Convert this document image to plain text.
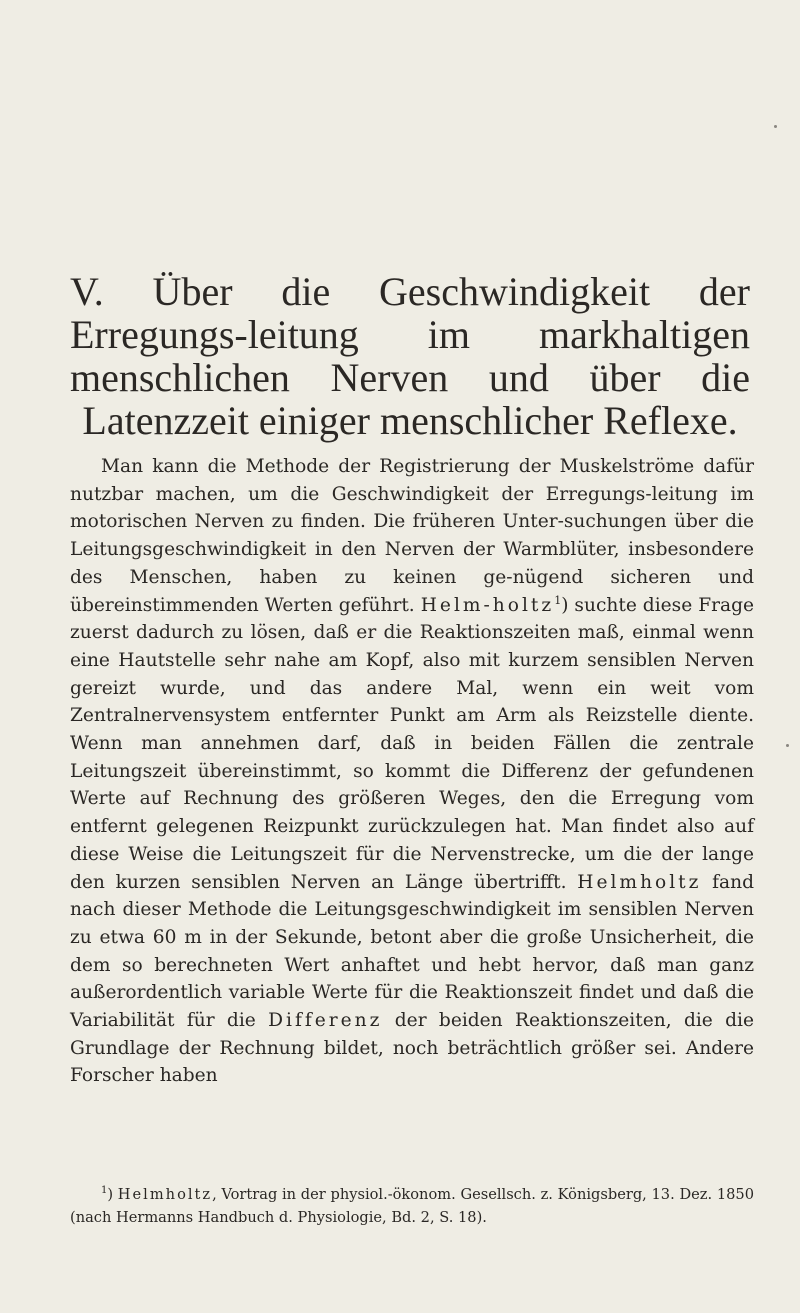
V. Über die Geschwindigkeit der Erregungs-leitung im markhaltigen menschlichen Nerven und über die Latenzzeit einiger menschlicher Reflexe.

Man kann die Methode der Registrierung der Muskelströme dafür nutzbar machen, um die Geschwindigkeit der Erregungs-leitung im motorischen Nerven zu finden. Die früheren Unter-suchungen über die Leitungsgeschwindigkeit in den Nerven der Warmblüter, insbesondere des Menschen, haben zu keinen ge-nügend sicheren und übereinstimmenden Werten geführt. Helm-holtz$^1$) suchte diese Frage zuerst dadurch zu lösen, daß er die Reaktionszeiten maß, einmal wenn eine Hautstelle sehr nahe am Kopf, also mit kurzem sensiblen Nerven gereizt wurde, und das andere Mal, wenn ein weit vom Zentralnervensystem entfernter Punkt am Arm als Reizstelle diente. Wenn man annehmen darf, daß in beiden Fällen die zentrale Leitungszeit übereinstimmt, so kommt die Differenz der gefundenen Werte auf Rechnung des größeren Weges, den die Erregung vom entfernt gelegenen Reizpunkt zurückzulegen hat. Man findet also auf diese Weise die Leitungszeit für die Nervenstrecke, um die der lange den kurzen sensiblen Nerven an Länge übertrifft. Helmholtz fand nach dieser Methode die Leitungsgeschwindigkeit im sensiblen Nerven zu etwa 60 m in der Sekunde, betont aber die große Unsicherheit, die dem so berechneten Wert anhaftet und hebt hervor, daß man ganz außerordentlich variable Werte für die Reaktionszeit findet und daß die Variabilität für die Differenz der beiden Reaktionszeiten, die die Grundlage der Rechnung bildet, noch beträchtlich größer sei. Andere Forscher haben

$^1$) Helmholtz, Vortrag in der physiol.-ökonom. Gesellsch. z. Königsberg, 13. Dez. 1850 (nach Hermanns Handbuch d. Physiologie, Bd. 2, S. 18).
